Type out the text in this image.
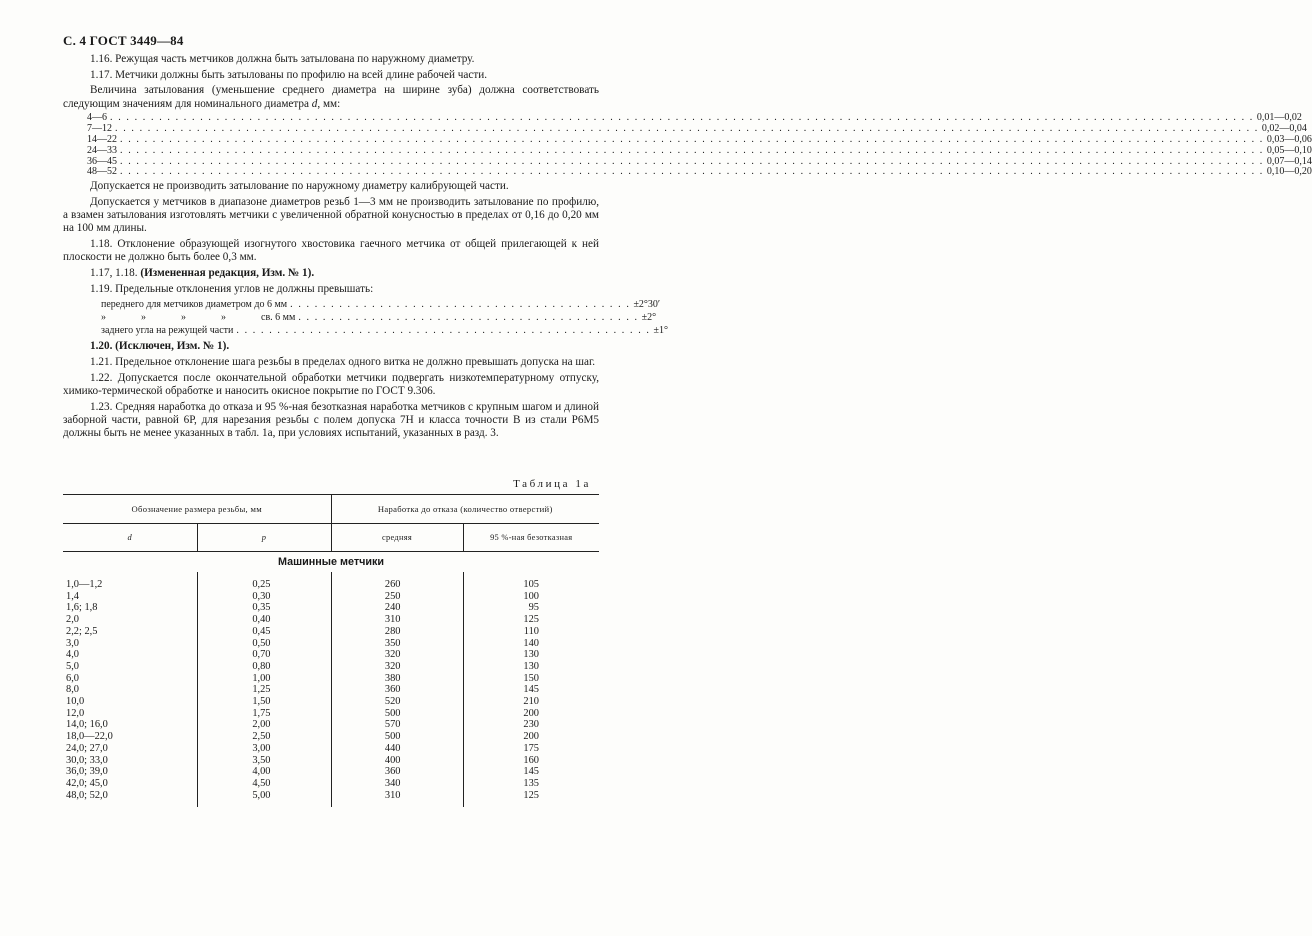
С. 4 ГОСТ 3449—84

1.16. Режущая часть метчиков должна быть затылована по наружному диаметру.

1.17. Метчики должны быть затылованы по профилю на всей длине рабочей части.

Величина затылования (уменьшение среднего диаметра на ширине зуба) должна соответствовать следующим значениям для номинального диаметра d, мм:

4—6 . . . . . . . . . . . . . . . . . . . . . . . . . . . . . . . . . . . . . . . . . . . . . . . . . . . . . . . . . . . . . . . . . . . . . . . . . . . . . . . . . . . . . . . . . . . . . . . . . . . . . . . . . . . . . . . . . . . . . . . . . . . . . . . . . . . . . . . . . . . . 0,01—0,02
7—12 . . . . . . . . . . . . . . . . . . . . . . . . . . . . . . . . . . . . . . . . . . . . . . . . . . . . . . . . . . . . . . . . . . . . . . . . . . . . . . . . . . . . . . . . . . . . . . . . . . . . . . . . . . . . . . . . . . . . . . . . . . . . . . . . . . . . . . . . . . . . 0,02—0,04
14—22 . . . . . . . . . . . . . . . . . . . . . . . . . . . . . . . . . . . . . . . . . . . . . . . . . . . . . . . . . . . . . . . . . . . . . . . . . . . . . . . . . . . . . . . . . . . . . . . . . . . . . . . . . . . . . . . . . . . . . . . . . . . . . . . . . . . . . . . . . . . . 0,03—0,06
24—33 . . . . . . . . . . . . . . . . . . . . . . . . . . . . . . . . . . . . . . . . . . . . . . . . . . . . . . . . . . . . . . . . . . . . . . . . . . . . . . . . . . . . . . . . . . . . . . . . . . . . . . . . . . . . . . . . . . . . . . . . . . . . . . . . . . . . . . . . . . . . 0,05—0,10
36—45 . . . . . . . . . . . . . . . . . . . . . . . . . . . . . . . . . . . . . . . . . . . . . . . . . . . . . . . . . . . . . . . . . . . . . . . . . . . . . . . . . . . . . . . . . . . . . . . . . . . . . . . . . . . . . . . . . . . . . . . . . . . . . . . . . . . . . . . . . . . . 0,07—0,14
48—52 . . . . . . . . . . . . . . . . . . . . . . . . . . . . . . . . . . . . . . . . . . . . . . . . . . . . . . . . . . . . . . . . . . . . . . . . . . . . . . . . . . . . . . . . . . . . . . . . . . . . . . . . . . . . . . . . . . . . . . . . . . . . . . . . . . . . . . . . . . . . 0,10—0,20

Допускается не производить затылование по наружному диаметру калибрующей части.

Допускается у метчиков в диапазоне диаметров резьб 1—3 мм не производить затылование по профилю, а взамен затылования изготовлять метчики с увеличенной обратной конусностью в пределах от 0,16 до 0,20 мм на 100 мм длины.

1.18. Отклонение образующей изогнутого хвостовика гаечного метчика от общей прилегающей к ней плоскости не должно быть более 0,3 мм.

1.17, 1.18. (Измененная редакция, Изм. № 1).

1.19. Предельные отклонения углов не должны превышать:

переднего для метчиков диаметром до 6 мм . . . . . . . . . . . . . . . . . . . . . . . . . . . . . . . . . . . . . . . . . . ±2°30′
»	»	»	»	св. 6 мм . . . . . . . . . . . . . . . . . . . . . . . . . . . . . . . . . . . . . . . . . . ±2°
заднего угла на режущей части . . . . . . . . . . . . . . . . . . . . . . . . . . . . . . . . . . . . . . . . . . . . . . . . . . . ±1°

1.20. (Исключен, Изм. № 1).

1.21. Предельное отклонение шага резьбы в пределах одного витка не должно превышать допуска на шаг.

1.22. Допускается после окончательной обработки метчики подвергать низкотемпературному отпуску, химико-термической обработке и наносить окисное покрытие по ГОСТ 9.306.

1.23. Средняя наработка до отказа и 95 %-ная безотказная наработка метчиков с крупным шагом и длиной заборной части, равной 6Р, для нарезания резьбы с полем допуска 7Н и класса точности В из стали Р6М5 должны быть не менее указанных в табл. 1а, при условиях испытаний, указанных в разд. 3.

Таблица 1а
Обозначение размера резьбы, мм		Наработка до отказа (количество отверстий)	
d	p	средняя	95 %-ная безотказная
Машинные метчики			

1,0—1,2	0,25	260	105
1,4	0,30	250	100
1,6; 1,8	0,35	240	95
2,0	0,40	310	125
2,2; 2,5	0,45	280	110
3,0	0,50	350	140
4,0	0,70	320	130
5,0	0,80	320	130
6,0	1,00	380	150
8,0	1,25	360	145
10,0	1,50	520	210
12,0	1,75	500	200
14,0; 16,0	2,00	570	230
18,0—22,0	2,50	500	200
24,0; 27,0	3,00	440	175
30,0; 33,0	3,50	400	160
36,0; 39,0	4,00	360	145
42,0; 45,0	4,50	340	135
48,0; 52,0	5,00	310	125
